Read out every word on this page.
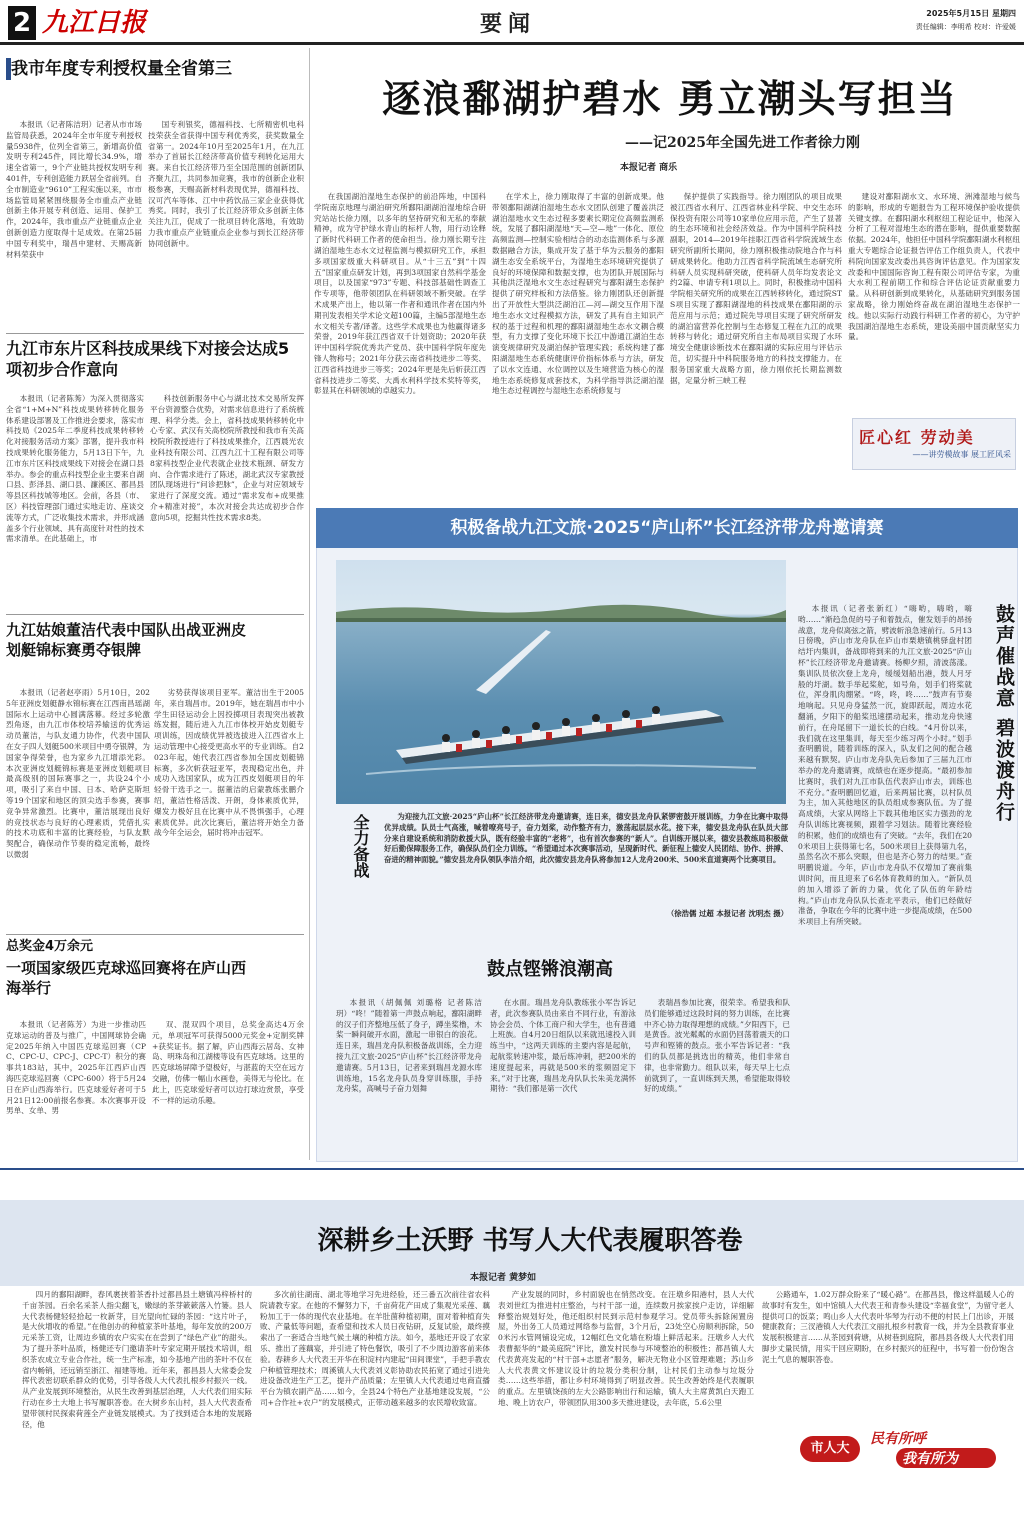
2 九江日报	要闻	2025年5月15日 星期四
责任编辑：李明希 校对：许爱媛
我市年度专利授权量全省第三
本报讯（记者陈洁玥）记者从市市场监管局获悉，2024年全市年度专利授权量5938件，位列全省第三，新增高价值发明专利245件，同比增长34.9%，增速全省第一，9个产业链共授权发明专利401件，专利创造能力跃居全省前列。自全市制造业“9610”工程实施以来，市市场监管局紧紧围绕服务全市重点产业链创新主体开展专利创造、运用、保护工作，2024年，我市重点产业链重点企业创新创造力度取得十足成效。在第25届中国专利奖中，瑞昌中建材、天赐高新材料荣获中
国专利银奖，德福科技、七所精密机电科技荣获全省获得中国专利优秀奖，获奖数量全省第一。2024年10月至2025年1月，在九江举办了首届长江经济带高价值专利转化运用大赛。来自长江经济带乃至全国范围的创新团队齐聚九江，共同参加竞赛，我市的创新企业积极参赛，天赐高新材料表现优异，德福科技、汉可汽车等体、江中中药饮品三家企业获得优秀奖。同时，我引了长江经济带众多创新主体关注九江，促成了一批项目转化落地，有效助力我市重点产业链重点企业参与到长江经济带协同创新中。
九江市东片区科技成果线下对接会达成5项初步合作意向
本报讯（记者陈莠）为深入贯彻落实全省“1+M+N”科技成果转移转化服务体系建设部署及工作推进会要求，落实市科技局《2025年二季度科技成果转移转化对接服务活动方案》部署，提升我市科技成果转化服务能力，5月13日下午，九江市东片区科技成果线下对接会在湖口县举办。参会的重点科技型企业主要来自湖口县、彭泽县、湖口县、濂溪区、都昌县等县区科技城等地区。会前，各县（市、区）科技管理部门通过实地走访、座谈交流等方式，广泛收集技术需求，并形成涵盖多个行业领域、具有高度针对性的技术需求清单。在此基础上，市
科技创新服务中心与湖北技术交易所发挥平台资源整合优势，对需求信息进行了系统梳理、科学分类。会上，省科技成果转移转化中心专家、武汉有关高校院所教授和我市有关高校院所教授进行了科技成果推介，江西晨光农业科技有限公司、江西九江十工程有限公司等8家科技型企业代表就企业技术瓶颈、研发方向、合作需求进行了陈述，湖北武汉专家教授团队现场进行“问诊把脉”，企业与对应领域专家进行了深度交流。通过“需求发布+成果推介+精准对接”，本次对接会共达成初步合作意向5项，挖掘共性技术需求8类。
九江姑娘董洁代表中国队出战亚洲皮划艇锦标赛勇夺银牌
本报讯（记者赵亭雨）5月10日，2025年亚洲皮划艇静水锦标赛在江西南昌瑶湖国际水上运动中心圆满落幕。经过多轮激烈角逐，由九江市体校培养输送的优秀运动员董洁，与队友通力协作，代表中国队在女子四人划艇500米项目中勇夺银牌，为国家争得荣誉，也为家乡九江增添光彩。本次亚洲皮划艇锦标赛是亚洲皮划艇项目最高级别的国际赛事之一，共设24个小项，吸引了来自中国、日本、哈萨克斯坦等19个国家和地区的顶尖选手参赛，赛事竞争异常激烈。比赛中，董洁展现出良好的竞技状态与良好的心理素质，凭借扎实的技术功底和丰富的比赛经验，与队友默契配合，确保动作节奏的稳定流畅，最终以微弱
劣势获得该项目亚军。董洁出生于2005年，来自瑞昌市。2019年，她在瑞昌市中小学生田径运动会上因投掷项目表现突出被教练发掘，随后进入九江市体校开始皮划艇专项训练，因成绩优异被选拔进入江西省水上运动管理中心接受更高水平的专业训练。自2023年起，她代表江西省参加全国皮划艇锦标赛，多次斩获冠亚军，表现稳定出色，并成功入选国家队，成为江西皮划艇项目的年轻骨干选手之一。据董洁的启蒙教练张鹏介绍，董洁性格活泼、开朗，身体素质优异，爆发力极好且在比赛中从不畏惧强手，心理素质优异。此次比赛后，董洁将开始全力备战今年全运会，届时将冲击冠军。
总奖金4万余元
一项国家级匹克球巡回赛将在庐山西海举行
本报讯（记者陈芳）为进一步推动匹克球运动的普及与推广，中国网球协会确定2025年纳入中国匹克球巡回赛（CPC、CPC-U、CPC-J、CPC-T）积分的赛事共183站，其中，2025年江西庐山西海匹克球巡回赛（CPC-600）将于5月24日在庐山西海举行。匹克球爱好者可于5月21日12:00前报名参赛。本次赛事开设男单、女单、男
双、混双四个项目，总奖金高达4万余元，单项冠军可获得5000元奖金+定制奖牌+获奖证书。据了解，庐山西海云居岛、女神岛、明珠岛和江湖楼等设有匹克球场。这里的匹克球场屏障予望极好，与湛蓝的天空在远方交融，仿佛一幅山水画卷，美得无与伦比。在此上，匹克球爱好者可以边打球边赏景，享受不一样的运动乐趣。
逐浪鄱湖护碧水 勇立潮头写担当
——记2025年全国先进工作者徐力刚
本报记者 商乐
在我国湖泊湿地生态保护的前沿阵地，中国科学院南京地理与湖泊研究所鄱阳湖湖泊湿地综合研究站站长徐力刚，以多年的坚持研究和无私的奉献精神，成为守护绿水青山的标杆人物，用行动诠释了新时代科研工作者的使命担当。徐力刚长期专注湖泊湿地生态水文过程监测与模拟研究工作，承担多项国家级重大科研项目。从“十三五”到“十四五”国家重点研发计划，再到3项国家自然科学基金项目，以及国家“973”专题、科技部基础性调查工作专项等，他带领团队在科研领域不断突破。在学术成果产出上，他以第一作者和通讯作者在国内外期刊发表相关学术论文超100篇，主编5部湿地生态水文相关专著/译著。这些学术成果也为他赢得诸多荣誉，2019年获江西省双千计划资助；2020年获评中国科学院优秀共产党员、获中国科学院年度先锋人物称号；2021年分获云南省科技进步二等奖、江西省科技进步三等奖；2024年更是先后斩获江西省科技进步二等奖、大禹水利科学技术奖特等奖，彰显其在科研领域的卓越实力。
在学术上，徐力刚取得了丰富的创新成果。他带领鄱阳湖湖泊湿地生态水文团队创建了覆盖洪泛湖泊湿地水文生态过程多要素长期定位高频监测系统，发展了鄱阳湖湿地“天—空—地”一体化、原位高频监测—控制实验相结合的动态监测体系与多源数据融合方法，集成开发了基于华为云服务的鄱阳湖生态安全系统平台，为湿地生态环境研究提供了良好的环境保障和数据支撑，也为团队开展国际与其他洪泛湿地水文生态过程研究与鄱阳湖生态保护提供了研究样板和方法借鉴。徐力刚团队还创新提出了开放性大型洪泛湖泊江—河—湖交互作用下湿地生态水文过程模拟方法，研发了具有自主知识产权的基于过程和机理的鄱阳湖湿地生态水文耦合模型，有力支撑了变化环境下长江中游通江湖泊生态演变规律研究及湖泊保护管理实践；系统构建了鄱阳湖湿地生态系统健康评价指标体系与方法，研发了以水文连通、水位调控以及生境营造为核心的湿地生态系统修复成套技术，为科学指导洪泛湖泊湿地生态过程调控与湿地生态系统修复与
保护提供了实践指导。徐力刚团队的项目成果被江西省水利厅、江西省林业科学院、中交生态环保投资有限公司等10家单位应用示范，产生了显著的生态环境和社会经济效益。作为中国科学院科技副职，2014—2019年挂职江西省科学院流域生态研究所副所长期间，徐力刚积极推动院地合作与科研成果转化。他助力江西省科学院流域生态研究所科研人员实现科研突破，使科研人员年均发表论文约2篇、申请专利1项以上。同时，积极推动中国科学院相关研究所的成果在江西转移转化，通过院STS项目实现了鄱阳湖湿地的科技成果在鄱阳湖的示范应用与示范；通过院先导项目实现了研究所研发的湖泊富营养化控制与生态修复工程在九江的成果转移与转化；通过研究所自主布局项目实现了水环境安全健康诊断技术在鄱阳湖的实际应用与评估示范，切实提升中科院服务地方的科技支撑能力。在服务国家重大战略方面，徐力刚依托长期监测数据，定量分析三峡工程
建设对鄱阳湖水文、水环境、洲滩湿地与候鸟的影响，形成的专题报告为工程环境保护验收提供关键支撑。在鄱阳湖水利枢纽工程论证中，他深入分析了工程对湿地生态的潜在影响，提供重要数据依据。2024年，他担任中国科学院鄱阳湖水利枢纽重大专题综合论证报告评估工作组负责人，代表中科院向国家发改委出具咨询评估意见。作为国家发改委和中国国际咨询工程有限公司评估专家，为重大水利工程前期工作和综合评估论证贡献重要力量。从科研创新到成果转化，从基础研究到服务国家战略，徐力刚始终奋战在湖泊湿地生态保护一线。他以实际行动践行科研工作者的初心，为守护我国湖泊湿地生态系统，建设美丽中国贡献坚实力量。
匠心红 劳动美
——讲劳模故事 展工匠风采
积极备战九江文旅·2025“庐山杯”长江经济带龙舟邀请赛
全力备战	为迎接九江文旅·2025“庐山杯”长江经济带龙舟邀请赛，连日来，德安县龙舟队紧锣密鼓开展训练，力争在比赛中取得优异成绩。队员士气高涨，喊着嘹亮号子，奋力划桨，动作整齐有力，激荡起层层水花。接下来，德安县龙舟队在队员大部分来自建设系统和消防救援大队，既有经验丰富的“老将”，也有首次参赛的“新人”。自训练开展以来，德安县教练局积极做好后勤保障服务工作，确保队员们全力训练。“希望通过本次赛事活动，呈现新时代、新征程上德安人民团结、协作、拼搏、奋进的精神面貌。”德安县龙舟队领队李洁介绍，此次德安县龙舟队将参加12人龙舟200米、500米直道赛两个比赛项目。
（徐浩儒 过超 本报记者 沈明杰 摄）
本报讯（记者张新红）“嗨哟，嗨哟，嗨哟……”渐趋急促的号子和着鼓点，催发划手的昂扬战意，龙舟似离弦之箭，劈波斩浪急速前行。5月13日傍晚，庐山市龙舟队在庐山市栗塘镇桃驿盘村团结圩内集训，备战即将到来的九江文旅·2025“庐山杯”长江经济带龙舟邀请赛。杨柳夕照，清波荡漾。集训队员依次登上龙舟，缓缓划船出港，鼓人月牙般的圩湖。数手举起桨舵，如号角，划手们将桨就位，浑身肌肉绷紧。“咚，咚，咚……”鼓声有节奏地响起。只见舟身猛然一沉，旋即跃起，周边水花翻涌，夕阳下的船桨迅速摆动起来，推动龙舟快速前行，在舟尾留下一道长长的白线。“4月份以来，我们就在这里集训，每天至少练习两个小时。”划手查明鹏说，随着训练的深入，队友们之间的配合越来越有默契。庐山市龙舟队先后参加了三届九江市举办的龙舟邀请赛，成绩也在逐步提高。“最初参加比赛时，我们对九江市队伍代表庐山市去，训练也不充分。”查明鹏回忆道，后来两届比赛，以村队员为主，加入其他地区的队员组成参赛队伍。为了提高成绩，大家从网络上下载其他地区实力强劲的龙舟队训练比赛视频，跟着学习划法。随着比赛经验的积累，他们的成绩也有了突破。“去年，我们在200米项目上获得第七名，500米项目上获得第九名，虽然名次不那么突眼，但也是齐心努力的结果。”查明鹏说道。今年，庐山市龙舟队不仅增加了赛前集训时间，而且迎来了6名体育教师的加入。“新队员的加入增添了新的力量，优化了队伍的年龄结构。”庐山市龙舟队队长查北平表示，他们已经做好准备，争取在今年的比赛中进一步提高成绩，在500米项目上有所突破。
鼓声催战意 碧波渡舟行
鼓点铿锵浪潮高
本报讯（胡佩佩 刘璐格 记者陈洁玥）“咚！”随着第一声鼓点响起，鄱阳湖畔的汉子们齐整地压低了身子，蹲坐桨橹，木桨一瞬间破开水面，激起一串银白的浪花。连日来，瑞昌龙舟队积极备战训练，全力迎接九江文旅·2025“庐山杯”长江经济带龙舟邀请赛。5月13日，记者来到瑞昌龙源水库训练地，15名龙舟队员身穿训练服，手持龙舟桨，高喊号子奋力划舞
在水面。瑞昌龙舟队教练张小军告诉记者，此次参赛队员由来自不同行业，有游泳协会会员、个体工商户和大学生，也有普通上班族。自4月20日组队以来就迅速投入训练当中，“这两天训练的主要内容是起航，起航浆转速冲浆，最后练冲刺，把200米的速度提起来，再就是500米的浆频固定下来。”对于比赛，瑞昌龙舟队队长朱美龙满怀期待：“我们都是第一次代
表瑞昌参加比赛，很荣幸。希望我和队员们能够通过这段时间的努力训练，在比赛中齐心协力取得理想的成绩。”夕阳西下，已是黄昏。波光粼粼的水面仍回荡着震天的口号声和铿锵的鼓点。张小军告诉记者：“我们的队员都是挑选出的精英，他们非常自律，也非常勤力。组队以来，每天早上七点前就到了，一直训练到天黑，希望能取得较好的成绩。”
深耕乡土沃野 书写人大代表履职答卷
本报记者 黄梦如
四月的鄱阳湖畔，春风裹挟着茶香扑过都昌县土塘镇冯梓桥村的千亩茶园。百余名采茶人指尖翻飞，嫩绿的茶芽簌簌落入竹篓。县人大代表杨健轻轻拾起一枚新芽，目光望向忙碌的茶园：“这片叶子，是大伙增收的希望。”在他创办的种植家茶叶基地，每年发放的200万元采茶工资，让周边乡镇的农户实实在在尝到了“绿色产业”的甜头。为了提升茶叶品质，杨健还专门邀请茶叶专家定期开展技术培训，组织茶农成立专业合作社，统一生产标准，如今基地产出的茶叶不仅在省内畅销，还远销至浙江、福建等地。近年来，都昌县人大常委会发挥代表密切联系群众的优势，引导各级人大代表扎根乡村振兴一线。从产业发展到环境整治，从民生改善到基层治理，人大代表们用实际行动在乡土大地上书写履职答卷。在大树乡东山村，县人大代表查希望带领村民探索荷莲全产业链发展模式。为了找到适合本地的发展路径，他
多次前往湖南、湖北等地学习先进经验，还三番五次前往省农科院请教专家。在他的不懈努力下，千亩荷花产田成了集观光采莲、藕粉加工于一体的现代农业基地。在羊肚菌种植初期，面对着种植育失败、产量低等问题，查希望和技术人员日夜钻研，反复试验，最终摸索出了一套适合当地气候土壤的种植方法。如今，基地还开设了农家乐、推出了莲藕宴，并引进了特色餐饮，吸引了不少周边游客前来体验。春耕乡人大代表王开华在积淀村内建起“田间课堂”，手把手教农户种植管理技术；周溪镇人大代表刘义彰协助农民拓宽了通过引进先进设备改进生产工艺，提升产品质量；左里镇人大代表通过电商直播平台为镇农副产品……如今，全县24个特色产业基地建设发展，“公司+合作社+农户”的发展模式，正带动越来越多的农民增收致富。
产业发展的同时，乡村面貌也在悄然改变。在汪墩乡阳港村，县人大代表刘世红为推进村庄整治，与村干部一道，连续数月挨家挨户走访，详细解释整治规划好处，他还组织村民到示范村参观学习。党员带头拆除闲置房屋，外出务工人员通过网络参与监督，3个月后，23处空心房顺利拆除，500米污水管网铺设完成，12幅红色文化墙在粉墙上鲜活起来。汪墩乡人大代表曹振华的“最美庭院”评比，激发村民参与环境整治的积极性；都昌镇人大代表黄亮发起的“村干部+志愿者”服务，解决无物业小区管理难题；苏山乡人大代表黄文怀建议设计的垃圾分类积分制，让村民们主动参与垃圾分类……这些举措，都让乡村环境得到了明显改善。民生改善始终是代表履职的重点。左里镇饶孩的左大公路影响出行和运输，镇人大主席黄凯白天跑工地、晚上访农户，带领团队用300多天推进建设，去年底，5.6公里
公路通车，1.02万群众盼来了“暖心路”。在都昌县，像这样温暖人心的故事时有发生，如中馆镇人大代表王和青参头建设“幸福食堂”，为留守老人提供可口的饭菜；鸣山乡人大代表叶华琴为行动不便的村民上门出诊，开展健康教育；三汊港镇人大代表江文丽扎根乡村教育一线，并为全县教育事业发展积极建言……从茶园到荷塘，从树巷到庭院，都昌县各级人大代表们用脚步丈量民情，用实干回应期盼，在乡村振兴的征程中，书写着一份份饱含泥土气息的履职答卷。
市人大
民有所呼
我有所为
